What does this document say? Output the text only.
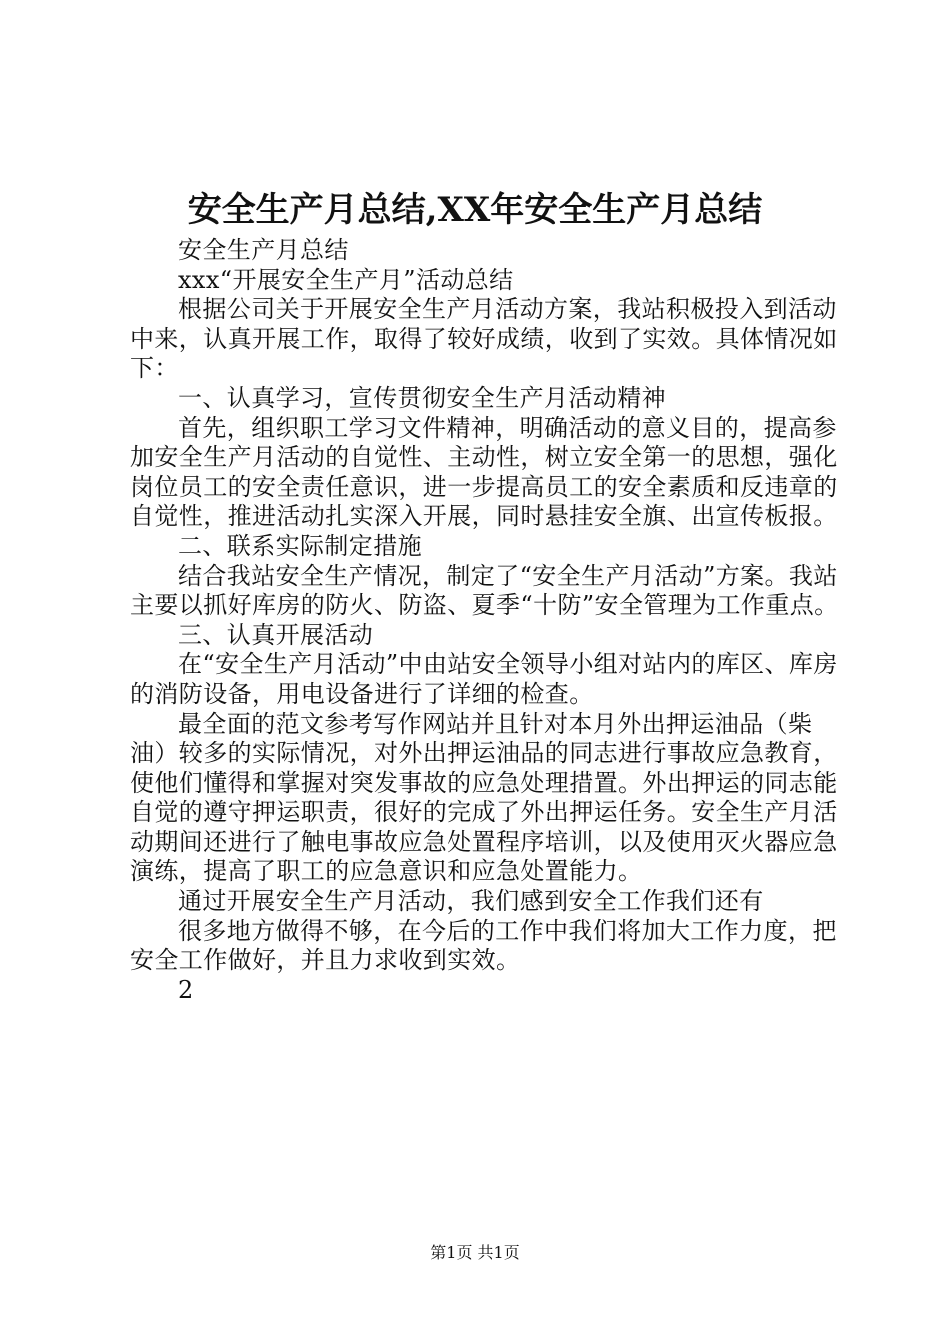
安全生产月总结,XX年安全生产月总结

安全生产月总结

xxx“开展安全生产月”活动总结

根据公司关于开展安全生产月活动方案，我站积极投入到活动中来，认真开展工作，取得了较好成绩，收到了实效。具体情况如下：

一、认真学习，宣传贯彻安全生产月活动精神

首先，组织职工学习文件精神，明确活动的意义目的，提高参加安全生产月活动的自觉性、主动性，树立安全第一的思想，强化岗位员工的安全责任意识，进一步提高员工的安全素质和反违章的自觉性，推进活动扎实深入开展，同时悬挂安全旗、出宣传板报。

二、联系实际制定措施

结合我站安全生产情况，制定了“安全生产月活动”方案。我站主要以抓好库房的防火、防盗、夏季“十防”安全管理为工作重点。

三、认真开展活动

在“安全生产月活动”中由站安全领导小组对站内的库区、库房的消防设备，用电设备进行了详细的检查。

最全面的范文参考写作网站并且针对本月外出押运油品（柴油）较多的实际情况，对外出押运油品的同志进行事故应急教育，使他们懂得和掌握对突发事故的应急处理措置。外出押运的同志能自觉的遵守押运职责，很好的完成了外出押运任务。安全生产月活动期间还进行了触电事故应急处置程序培训，以及使用灭火器应急演练，提高了职工的应急意识和应急处置能力。

通过开展安全生产月活动，我们感到安全工作我们还有

很多地方做得不够，在今后的工作中我们将加大工作力度，把安全工作做好，并且力求收到实效。

2

第1页 共1页
